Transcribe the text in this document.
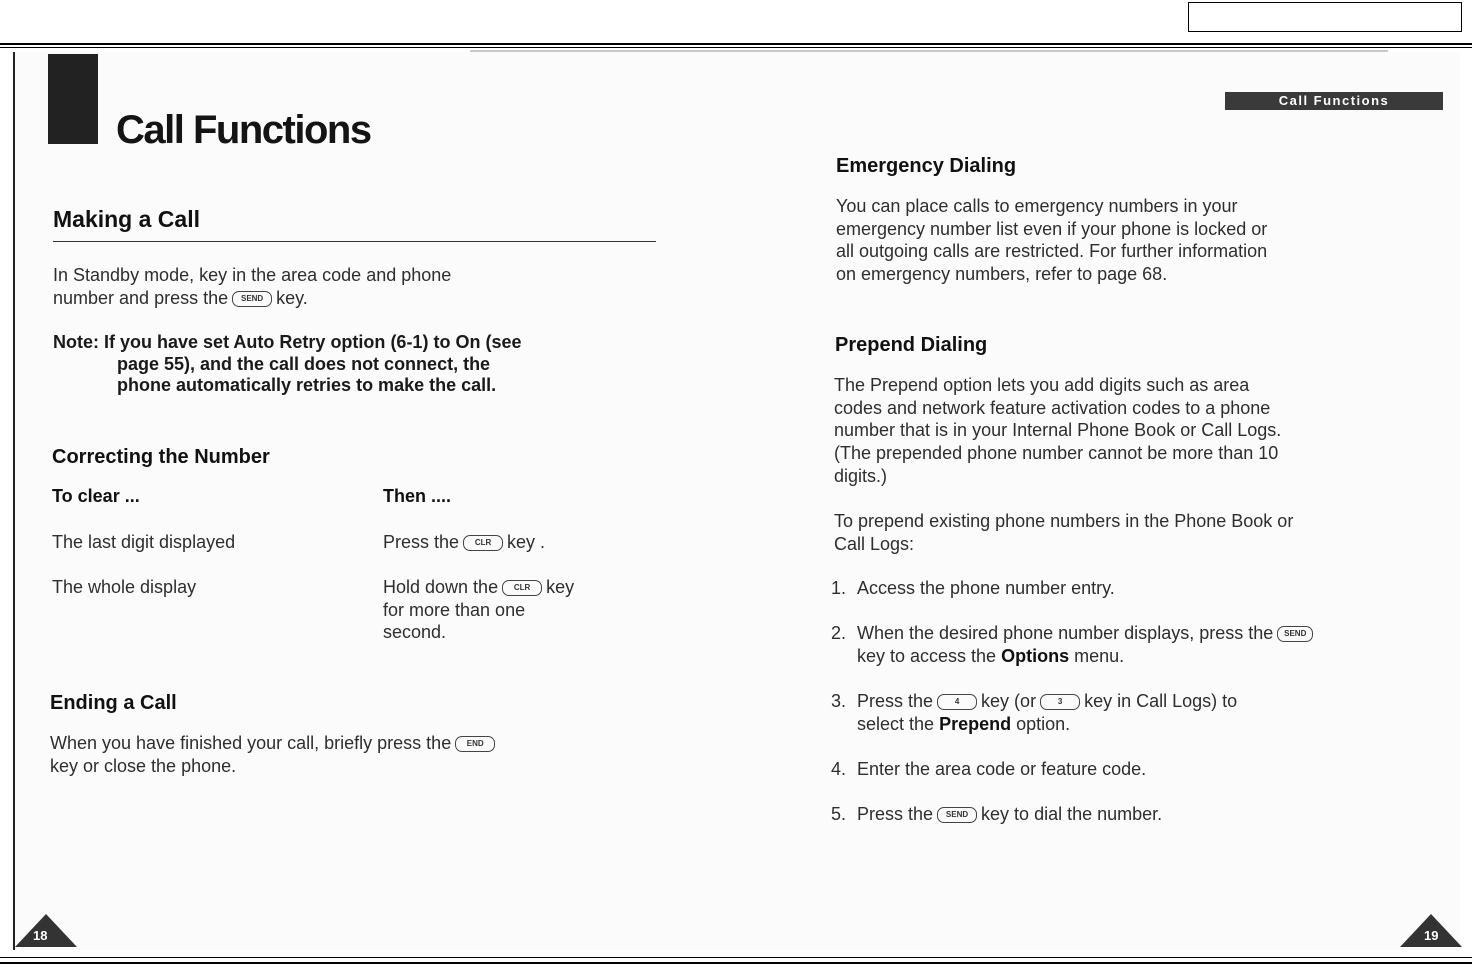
Call Functions
Call Functions
Making a Call
In Standby mode, key in the area code and phone
number and press the SEND key.
Note: If you have set Auto Retry option (6-1) to On (see
page 55), and the call does not connect, the
phone automatically retries to make the call.
Correcting the Number
To clear ...	Then ....
The last digit displayed	Press the CLR key .
The whole display	Hold down the CLR key
for more than one
second.
Ending a Call
When you have finished your call, briefly press the END
key or close the phone.
18
Emergency Dialing
You can place calls to emergency numbers in your
emergency number list even if your phone is locked or
all outgoing calls are restricted. For further information
on emergency numbers, refer to page 68.
Prepend Dialing
The Prepend option lets you add digits such as area
codes and network feature activation codes to a phone
number that is in your Internal Phone Book or Call Logs.
(The prepended phone number cannot be more than 10
digits.)
To prepend existing phone numbers in the Phone Book or
Call Logs:
1. Access the phone number entry.
2. When the desired phone number displays, press the SEND
key to access the Options menu.
3. Press the	4 key (or	3 key in Call Logs) to
select the Prepend option.
4. Enter the area code or feature code.
5. Press the SEND key to dial the number.
19
